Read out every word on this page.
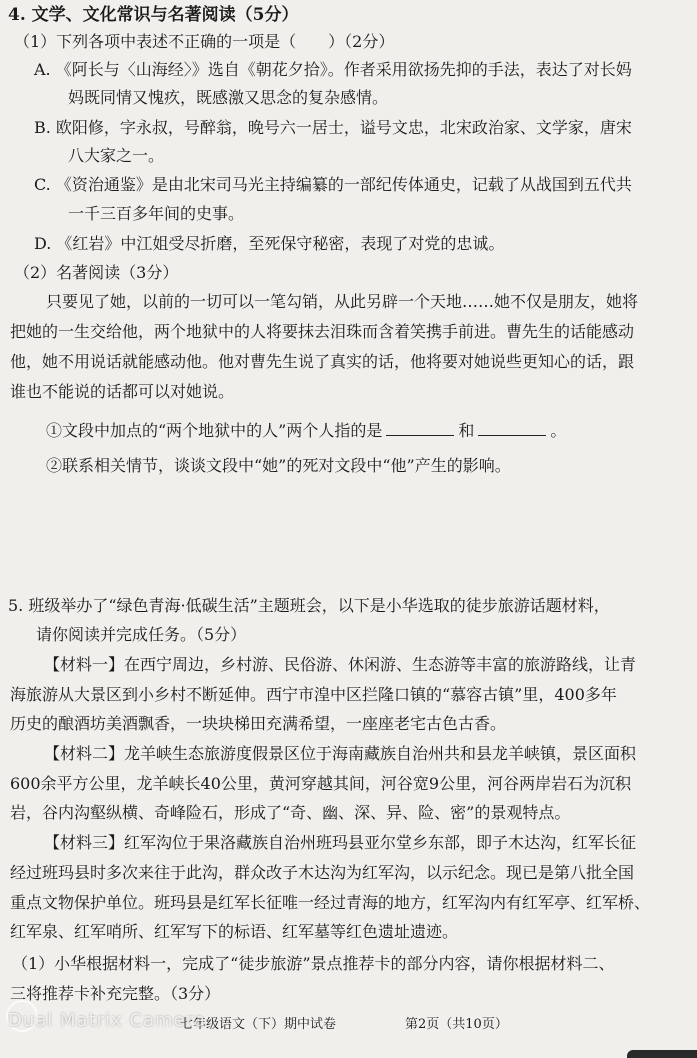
4. 文学、文化常识与名著阅读（5分）
（1）下列各项中表述不正确的一项是（　　）（2分）
A. 《阿长与〈山海经〉》选自《朝花夕拾》。作者采用欲扬先抑的手法，表达了对长妈
妈既同情又愧疚，既感激又思念的复杂感情。
B. 欧阳修，字永叔，号醉翁，晚号六一居士，谥号文忠，北宋政治家、文学家，唐宋
八大家之一。
C. 《资治通鉴》是由北宋司马光主持编纂的一部纪传体通史，记载了从战国到五代共
一千三百多年间的史事。
D. 《红岩》中江姐受尽折磨，至死保守秘密，表现了对党的忠诚。
（2）名著阅读（3分）
只要见了她，以前的一切可以一笔勾销，从此另辟一个天地……她不仅是朋友，她将
把她的一生交给他，两个地狱中的人将要抹去泪珠而含着笑携手前进。曹先生的话能感动
他，她不用说话就能感动他。他对曹先生说了真实的话，他将要对她说些更知心的话，跟
谁也不能说的话都可以对她说。
①文段中加点的“两个地狱中的人”两个人指的是	和	。
②联系相关情节，谈谈文段中“她”的死对文段中“他”产生的影响。
5. 班级举办了“绿色青海·低碳生活”主题班会，以下是小华选取的徒步旅游话题材料，
请你阅读并完成任务。（5分）
【材料一】在西宁周边，乡村游、民俗游、休闲游、生态游等丰富的旅游路线，让青
海旅游从大景区到小乡村不断延伸。西宁市湟中区拦隆口镇的“慕容古镇”里，400多年
历史的酿酒坊美酒飘香，一块块梯田充满希望，一座座老宅古色古香。
【材料二】龙羊峡生态旅游度假景区位于海南藏族自治州共和县龙羊峡镇，景区面积
600余平方公里，龙羊峡长40公里，黄河穿越其间，河谷宽9公里，河谷两岸岩石为沉积
岩，谷内沟壑纵横、奇峰险石，形成了“奇、幽、深、异、险、密”的景观特点。
【材料三】红军沟位于果洛藏族自治州班玛县亚尔堂乡东部，即子木达沟，红军长征
经过班玛县时多次来往于此沟，群众改子木达沟为红军沟，以示纪念。现已是第八批全国
重点文物保护单位。班玛县是红军长征唯一经过青海的地方，红军沟内有红军亭、红军桥、
红军泉、红军哨所、红军写下的标语、红军墓等红色遗址遗迹。
（1）小华根据材料一，完成了“徒步旅游”景点推荐卡的部分内容，请你根据材料二、
三将推荐卡补充完整。（3分）
七年级语文（下）期中试卷	第2页（共10页）
Dual Matrix Camera
